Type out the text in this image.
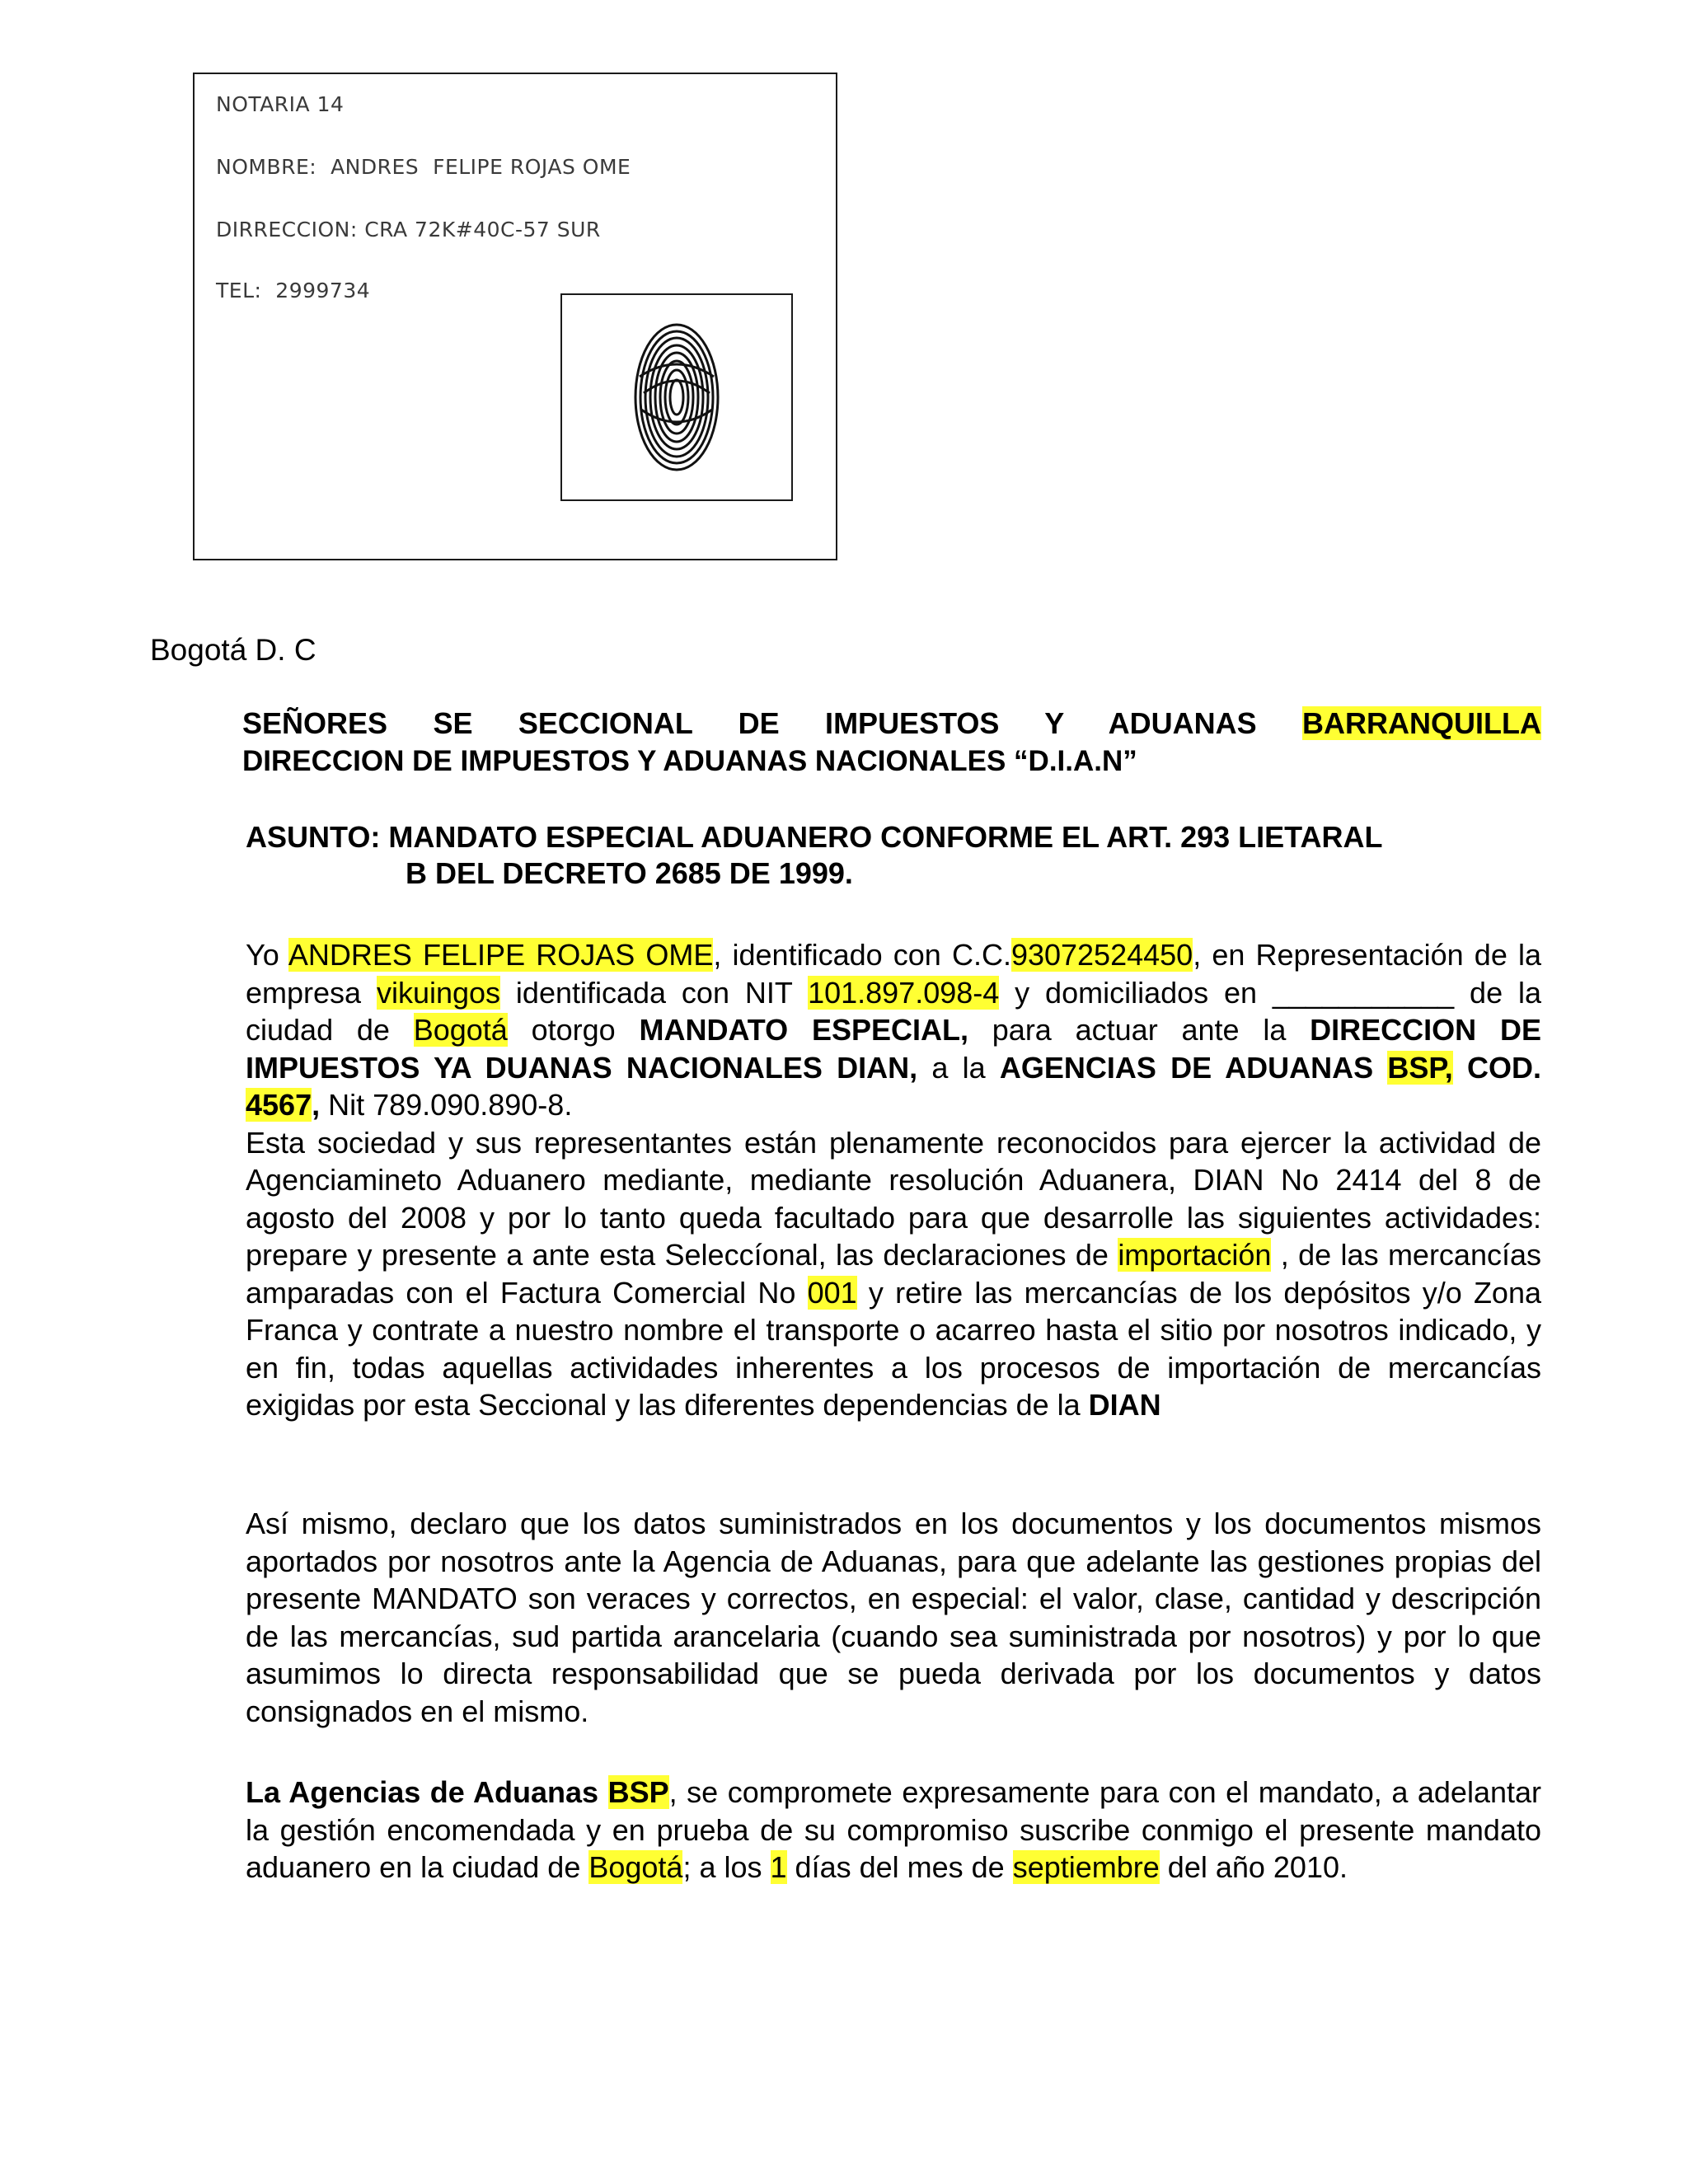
NOTARIA 14
NOMBRE:  ANDRES  FELIPE ROJAS OME
DIRRECCION: CRA 72K#40C-57 SUR
TEL:  2999734
Bogotá D. C
SEÑORES SE SECCIONAL DE IMPUESTOS Y ADUANAS BARRANQUILLA
DIRECCION DE IMPUESTOS Y ADUANAS NACIONALES “D.I.A.N”
ASUNTO: MANDATO ESPECIAL ADUANERO CONFORME EL ART. 293 LIETARAL
B DEL DECRETO 2685 DE 1999.
Yo ANDRES FELIPE ROJAS OME, identificado con C.C.93072524450, en Representación de la empresa vikuingos identificada con NIT 101.897.098-4 y domiciliados en ___________ de la ciudad de Bogotá otorgo MANDATO ESPECIAL, para actuar ante la DIRECCION DE IMPUESTOS YA DUANAS NACIONALES DIAN, a la AGENCIAS DE ADUANAS BSP, COD. 4567, Nit 789.090.890-8.
Esta sociedad y sus representantes están plenamente reconocidos para ejercer la actividad de Agenciamineto Aduanero mediante, mediante resolución Aduanera, DIAN No 2414 del 8 de agosto del 2008 y por lo tanto queda facultado para que desarrolle las siguientes actividades: prepare y presente a ante esta Seleccíonal, las declaraciones de importación , de las mercancías amparadas con el Factura Comercial No 001 y retire las mercancías de los depósitos y/o Zona Franca y contrate a nuestro nombre el transporte o acarreo hasta el sitio por nosotros indicado, y en fin, todas aquellas actividades inherentes a los procesos de importación de mercancías exigidas por esta Seccional y las diferentes dependencias de la DIAN
Así mismo, declaro que los datos suministrados en los documentos y los documentos mismos aportados por nosotros ante la Agencia de Aduanas, para que adelante las gestiones propias del presente MANDATO son veraces y correctos, en especial: el valor, clase, cantidad y descripción de las mercancías, sud partida arancelaria (cuando sea suministrada por nosotros) y por lo que asumimos lo directa responsabilidad que se pueda derivada por los documentos y datos consignados en el mismo.
La Agencias de Aduanas BSP, se compromete expresamente para con el mandato, a adelantar la gestión encomendada y en prueba de su compromiso suscribe conmigo el presente mandato aduanero en la ciudad de Bogotá; a los 1 días del mes de septiembre del año 2010.
